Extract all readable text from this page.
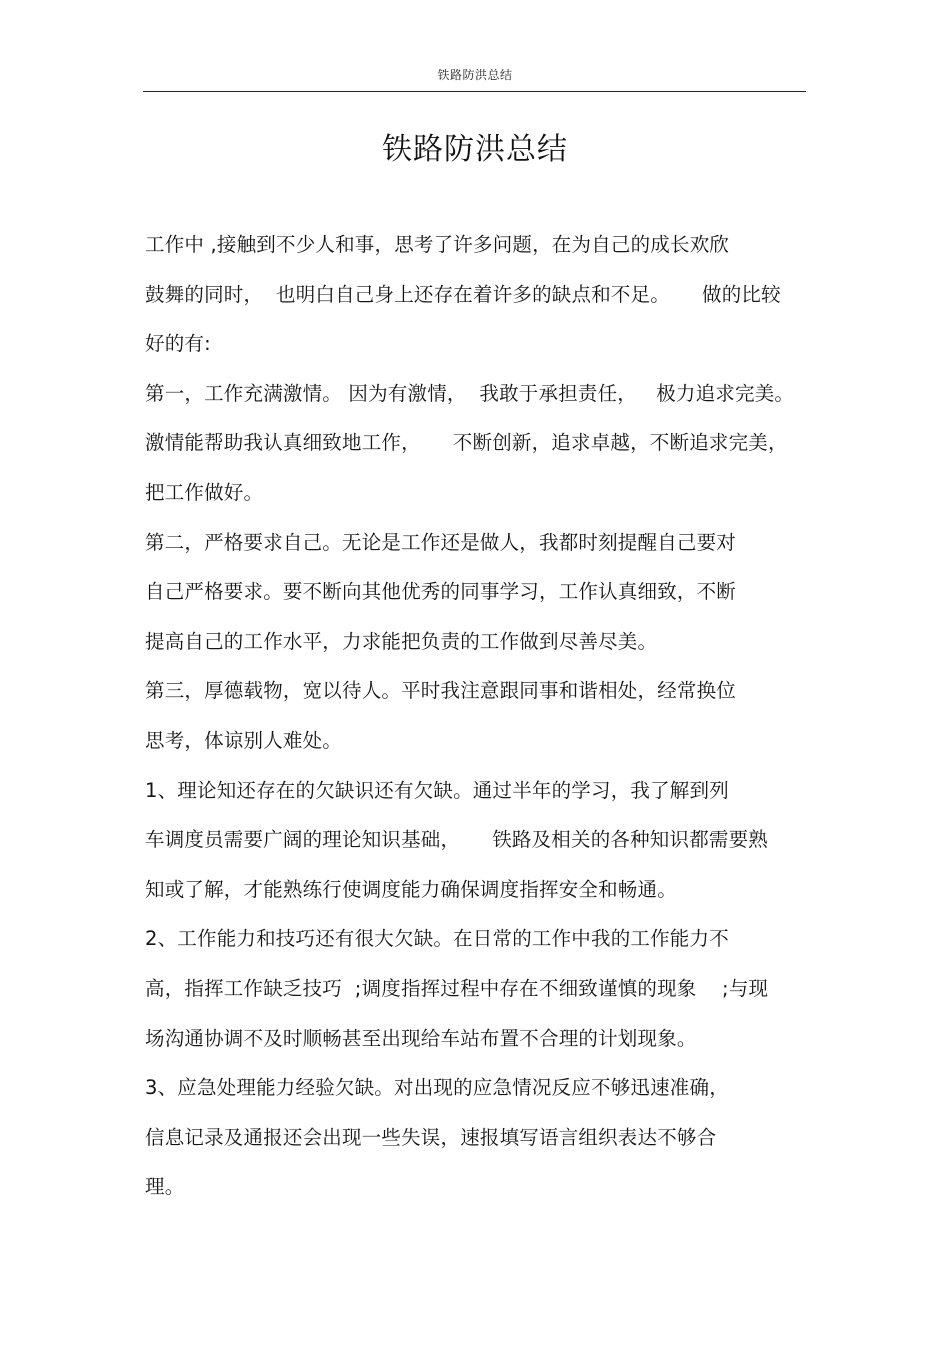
铁路防洪总结
铁路防洪总结
工作中 ,接触到不少人和事，思考了许多问题，在为自己的成长欢欣
鼓舞的同时，  也明白自己身上还存在着许多的缺点和不足。     做的比较
好的有:
第一，工作充满激情。 因为有激情，  我敢于承担责任，   极力追求完美。
激情能帮助我认真细致地工作，     不断创新，追求卓越，不断追求完美，
把工作做好。
第二，严格要求自己。无论是工作还是做人，我都时刻提醒自己要对
自己严格要求。要不断向其他优秀的同事学习，工作认真细致，不断
提高自己的工作水平，力求能把负责的工作做到尽善尽美。
第三，厚德载物，宽以待人。平时我注意跟同事和谐相处，经常换位
思考，体谅别人难处。
1、理论知还存在的欠缺识还有欠缺。通过半年的学习，我了解到列
车调度员需要广阔的理论知识基础，     铁路及相关的各种知识都需要熟
知或了解，才能熟练行使调度能力确保调度指挥安全和畅通。
2、工作能力和技巧还有很大欠缺。在日常的工作中我的工作能力不
高，指挥工作缺乏技巧  ;调度指挥过程中存在不细致谨慎的现象    ;与现
场沟通协调不及时顺畅甚至出现给车站布置不合理的计划现象。
3、应急处理能力经验欠缺。对出现的应急情况反应不够迅速准确，
信息记录及通报还会出现一些失误，速报填写语言组织表达不够合
理。
